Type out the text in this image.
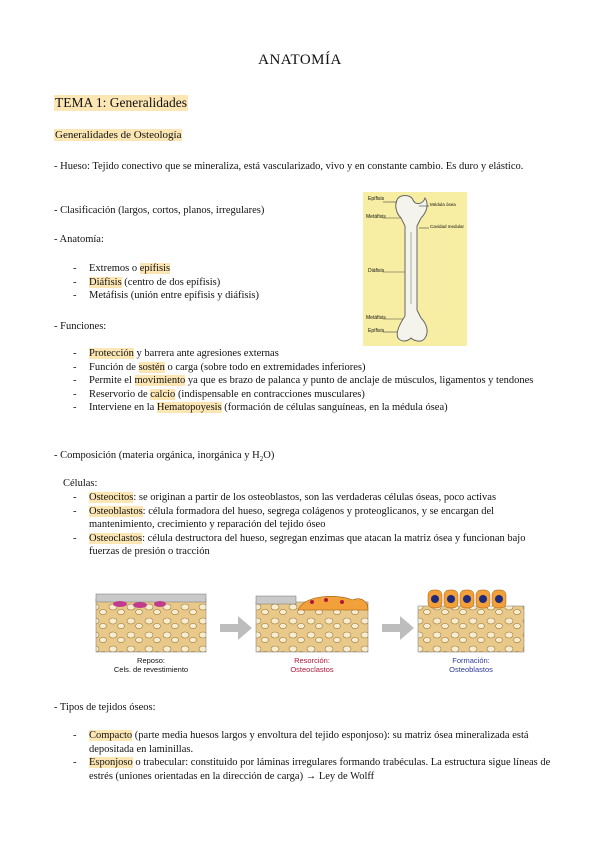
ANATOMÍA
TEMA 1: Generalidades
Generalidades de Osteología
- Hueso: Tejido conectivo que se mineraliza, está vascularizado, vivo y en constante cambio. Es duro y elástico.
- Clasificación (largos, cortos, planos, irregulares)
- Anatomía:
- Extremos o epífisis
- Diáfisis (centro de dos epífisis)
- Metáfisis (unión entre epífisis y diáfisis)
Epífisis
Metáfisis
Diáfisis
Metáfisis
Epífisis
Médula ósea
Cavidad medular
- Funciones:
- Protección y barrera ante agresiones externas
- Función de sostén o carga (sobre todo en extremidades inferiores)
- Permite el movimiento ya que es brazo de palanca y punto de anclaje de músculos, ligamentos y tendones
- Reservorio de calcio (indispensable en contracciones musculares)
- Interviene en la Hematopoyesis (formación de células sanguíneas, en la médula ósea)
- Composición (materia orgánica, inorgánica y $H_2O$)
Células:
- Osteocitos: se originan a partir de los osteoblastos, son las verdaderas células óseas, poco activas
- Osteoblastos: célula formadora del hueso, segrega colágenos y proteoglicanos, y se encargan del mantenimiento, crecimiento y reparación del tejido óseo
- Osteoclastos: célula destructora del hueso, segregan enzimas que atacan la matriz ósea y funcionan bajo fuerzas de presión o tracción
Reposo:
Cels. de revestimiento
Resorción:
Osteoclastos
Formación:
Osteoblastos
- Tipos de tejidos óseos:
- Compacto (parte media huesos largos y envoltura del tejido esponjoso): su matriz ósea mineralizada está depositada en laminillas.
- Esponjoso o trabecular: constituido por láminas irregulares formando trabéculas. La estructura sigue líneas de estrés (uniones orientadas en la dirección de carga) → Ley de Wolff
